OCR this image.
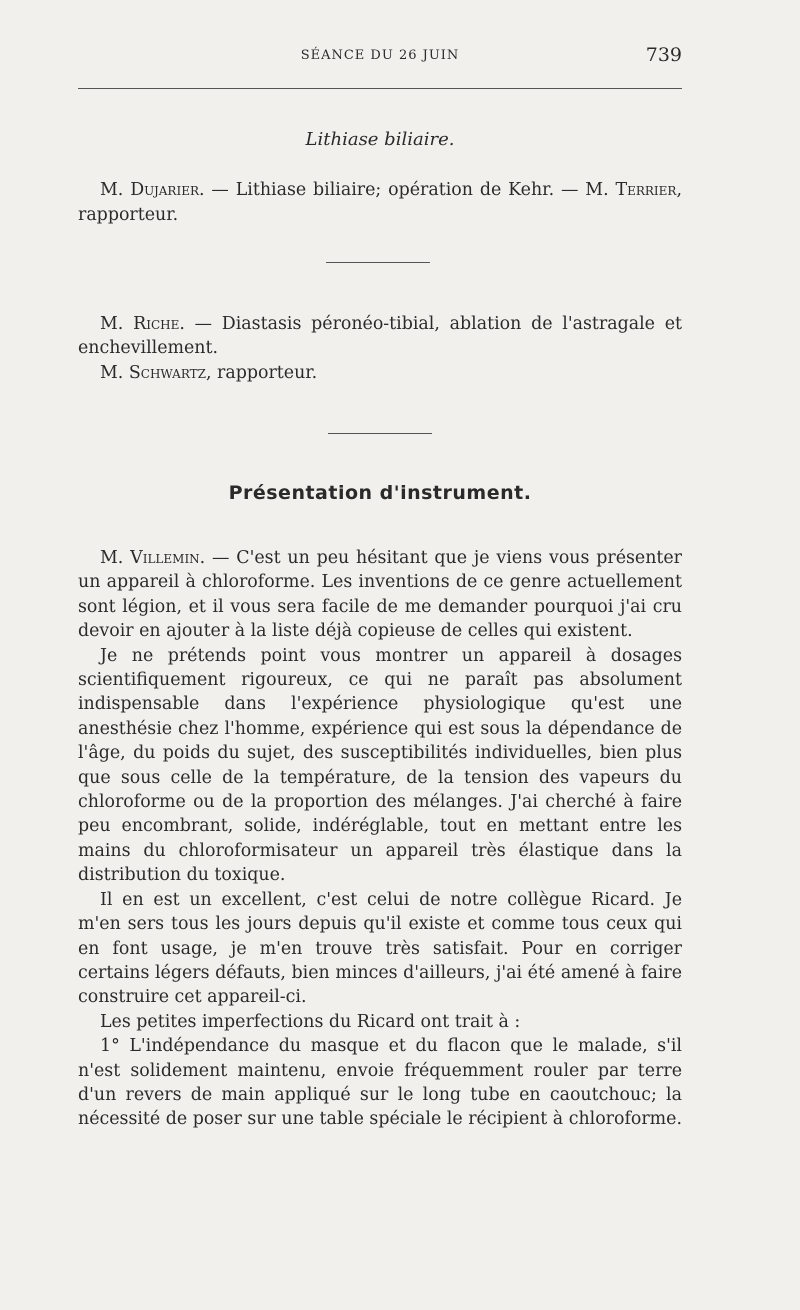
SÉANCE DU 26 JUIN	739

Lithiase biliaire.

M. Dujarier. — Lithiase biliaire; opération de Kehr. — M. Terrier, rapporteur.

M. Riche. — Diastasis péronéo-tibial, ablation de l'astragale et enchevillement.

M. Schwartz, rapporteur.

Présentation d'instrument.

M. Villemin. — C'est un peu hésitant que je viens vous présenter un appareil à chloroforme. Les inventions de ce genre actuellement sont légion, et il vous sera facile de me demander pourquoi j'ai cru devoir en ajouter à la liste déjà copieuse de celles qui existent.

Je ne prétends point vous montrer un appareil à dosages scientifiquement rigoureux, ce qui ne paraît pas absolument indispensable dans l'expérience physiologique qu'est une anesthésie chez l'homme, expérience qui est sous la dépendance de l'âge, du poids du sujet, des susceptibilités individuelles, bien plus que sous celle de la température, de la tension des vapeurs du chloroforme ou de la proportion des mélanges. J'ai cherché à faire peu encombrant, solide, indéréglable, tout en mettant entre les mains du chloroformisateur un appareil très élastique dans la distribution du toxique.

Il en est un excellent, c'est celui de notre collègue Ricard. Je m'en sers tous les jours depuis qu'il existe et comme tous ceux qui en font usage, je m'en trouve très satisfait. Pour en corriger certains légers défauts, bien minces d'ailleurs, j'ai été amené à faire construire cet appareil-ci.

Les petites imperfections du Ricard ont trait à :

1° L'indépendance du masque et du flacon que le malade, s'il n'est solidement maintenu, envoie fréquemment rouler par terre d'un revers de main appliqué sur le long tube en caoutchouc; la nécessité de poser sur une table spéciale le récipient à chloroforme.
